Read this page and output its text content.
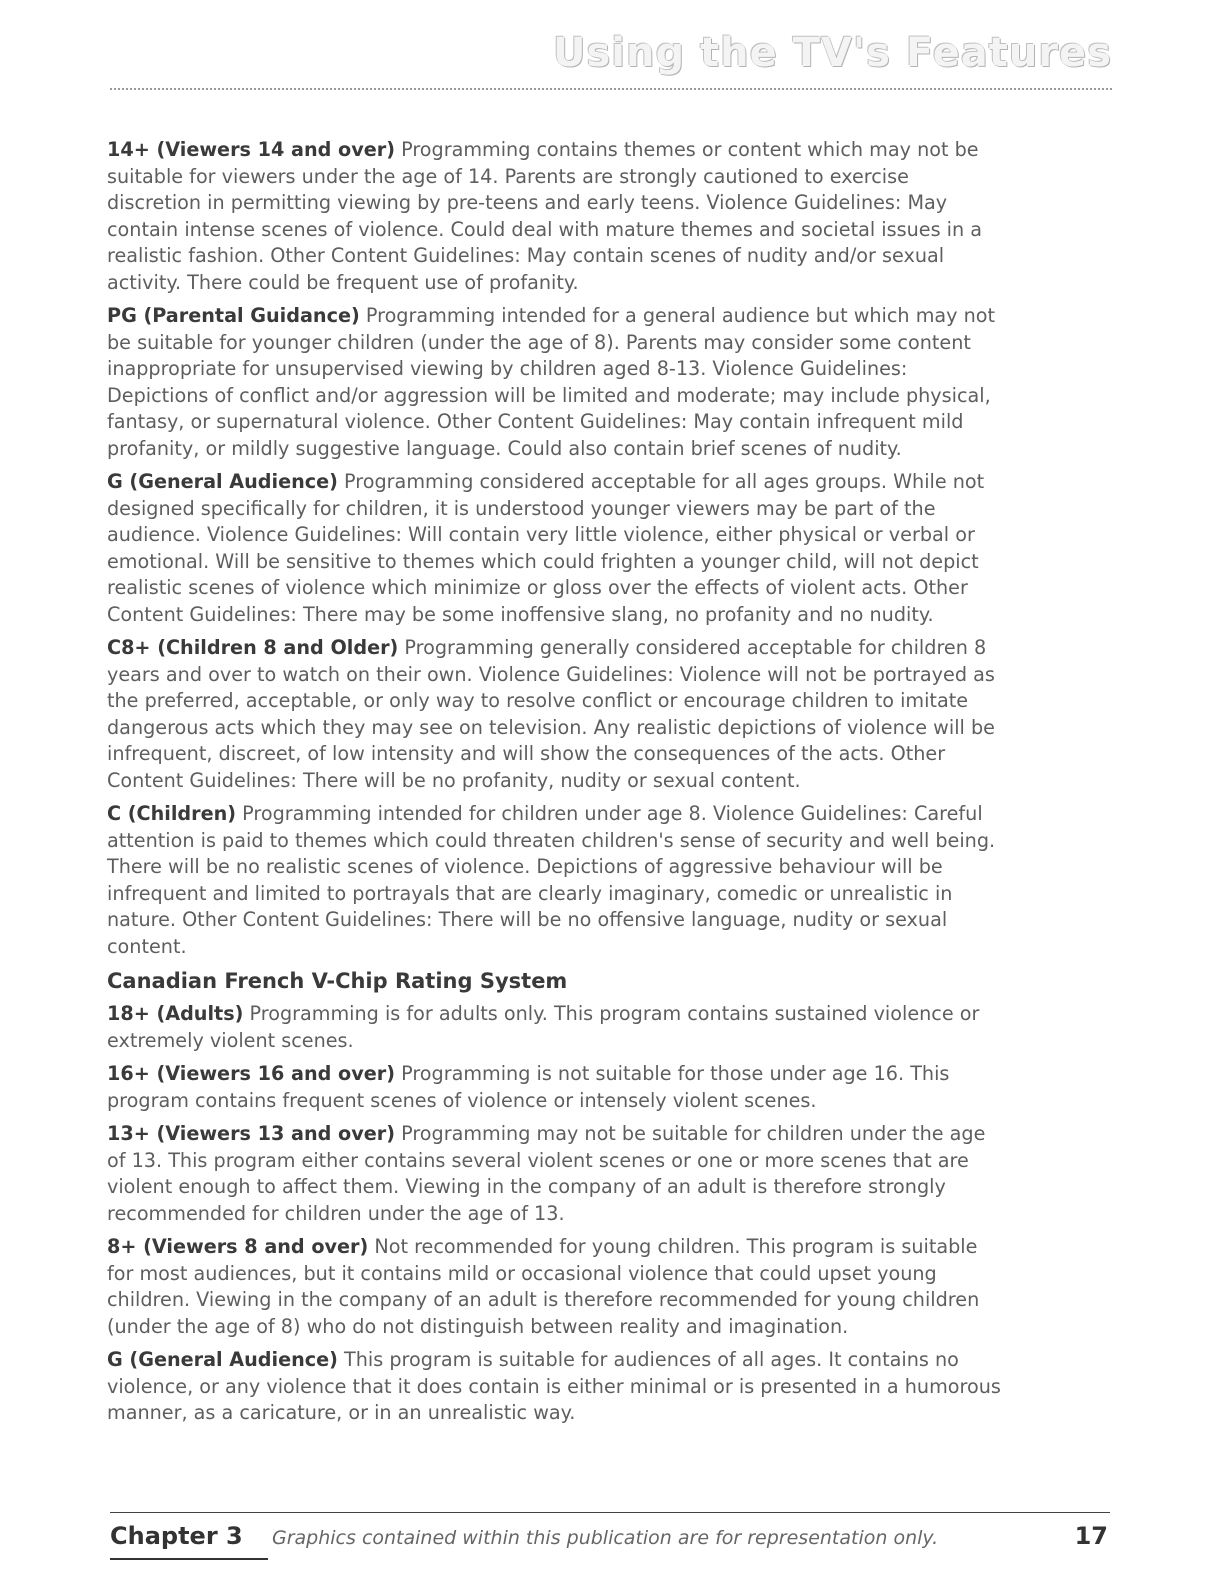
Using the TV's Features

14+ (Viewers 14 and over) Programming contains themes or content which may not be suitable for viewers under the age of 14. Parents are strongly cautioned to exercise discretion in permitting viewing by pre-teens and early teens. Violence Guidelines: May contain intense scenes of violence. Could deal with mature themes and societal issues in a realistic fashion. Other Content Guidelines: May contain scenes of nudity and/or sexual activity. There could be frequent use of profanity.

PG (Parental Guidance) Programming intended for a general audience but which may not be suitable for younger children (under the age of 8). Parents may consider some content inappropriate for unsupervised viewing by children aged 8-13. Violence Guidelines: Depictions of conflict and/or aggression will be limited and moderate; may include physical, fantasy, or supernatural violence. Other Content Guidelines: May contain infrequent mild profanity, or mildly suggestive language. Could also contain brief scenes of nudity.

G (General Audience) Programming considered acceptable for all ages groups. While not designed specifically for children, it is understood younger viewers may be part of the audience. Violence Guidelines: Will contain very little violence, either physical or verbal or emotional. Will be sensitive to themes which could frighten a younger child, will not depict realistic scenes of violence which minimize or gloss over the effects of violent acts. Other Content Guidelines: There may be some inoffensive slang, no profanity and no nudity.

C8+ (Children 8 and Older) Programming generally considered acceptable for children 8 years and over to watch on their own. Violence Guidelines: Violence will not be portrayed as the preferred, acceptable, or only way to resolve conflict or encourage children to imitate dangerous acts which they may see on television. Any realistic depictions of violence will be infrequent, discreet, of low intensity and will show the consequences of the acts. Other Content Guidelines: There will be no profanity, nudity or sexual content.

C (Children) Programming intended for children under age 8. Violence Guidelines: Careful attention is paid to themes which could threaten children's sense of security and well being. There will be no realistic scenes of violence. Depictions of aggressive behaviour will be infrequent and limited to portrayals that are clearly imaginary, comedic or unrealistic in nature. Other Content Guidelines: There will be no offensive language, nudity or sexual content.

Canadian French V-Chip Rating System

18+ (Adults) Programming is for adults only. This program contains sustained violence or extremely violent scenes.

16+ (Viewers 16 and over) Programming is not suitable for those under age 16. This program contains frequent scenes of violence or intensely violent scenes.

13+ (Viewers 13 and over) Programming may not be suitable for children under the age of 13. This program either contains several violent scenes or one or more scenes that are violent enough to affect them. Viewing in the company of an adult is therefore strongly recommended for children under the age of 13.

8+ (Viewers 8 and over) Not recommended for young children. This program is suitable for most audiences, but it contains mild or occasional violence that could upset young children. Viewing in the company of an adult is therefore recommended for young children (under the age of 8) who do not distinguish between reality and imagination.

G (General Audience) This program is suitable for audiences of all ages. It contains no violence, or any violence that it does contain is either minimal or is presented in a humorous manner, as a caricature, or in an unrealistic way.

Chapter 3 Graphics contained within this publication are for representation only.	17
